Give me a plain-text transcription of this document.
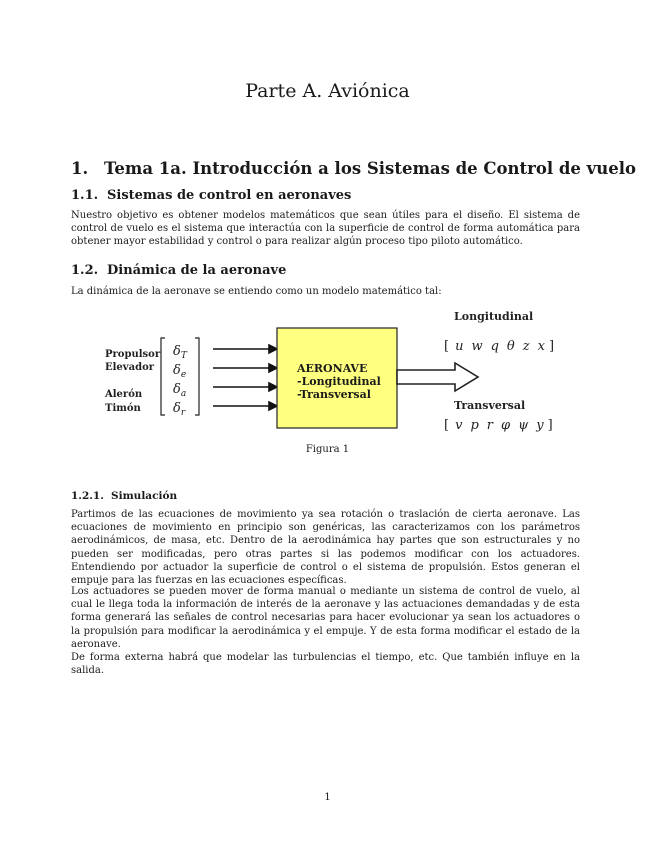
Parte A. Aviónica
1. Tema 1a. Introducción a los Sistemas de Control de vuelo
1.1. Sistemas de control en aeronaves

Nuestro objetivo es obtener modelos matemáticos que sean útiles para el diseño. El sistema de control de vuelo es el sistema que interactúa con la superficie de control de forma automática para obtener mayor estabilidad y control o para realizar algún proceso tipo piloto automático.

1.2. Dinámica de la aeronave

La dinámica de la aeronave se entiendo como un modelo matemático tal:

Propulsor
Elevador
Alerón
Timón
$\delta_T$
$\delta_e$
$\delta_a$
$\delta_r$
AERONAVE
-Longitudinal
-Transversal
Longitudinal
[ u w q θ z x ]
Transversal
[ v p r φ ψ y ]
Figura 1
1.2.1. Simulación

Partimos de las ecuaciones de movimiento ya sea rotación o traslación de cierta aeronave. Las ecuaciones de movimiento en principio son genéricas, las caracterizamos con los parámetros aerodinámicos, de masa, etc. Dentro de la aerodinámica hay partes que son estructurales y no pueden ser modificadas, pero otras partes si las podemos modificar con los actuadores. Entendiendo por actuador la superficie de control o el sistema de propulsión. Estos generan el empuje para las fuerzas en las ecuaciones específicas.

Los actuadores se pueden mover de forma manual o mediante un sistema de control de vuelo, al cual le llega toda la información de interés de la aeronave y las actuaciones demandadas y de esta forma generará las señales de control necesarias para hacer evolucionar ya sean los actuadores o la propulsión para modificar la aerodinámica y el empuje. Y de esta forma modificar el estado de la aeronave.

De forma externa habrá que modelar las turbulencias el tiempo, etc. Que también influye en la salida.

1
